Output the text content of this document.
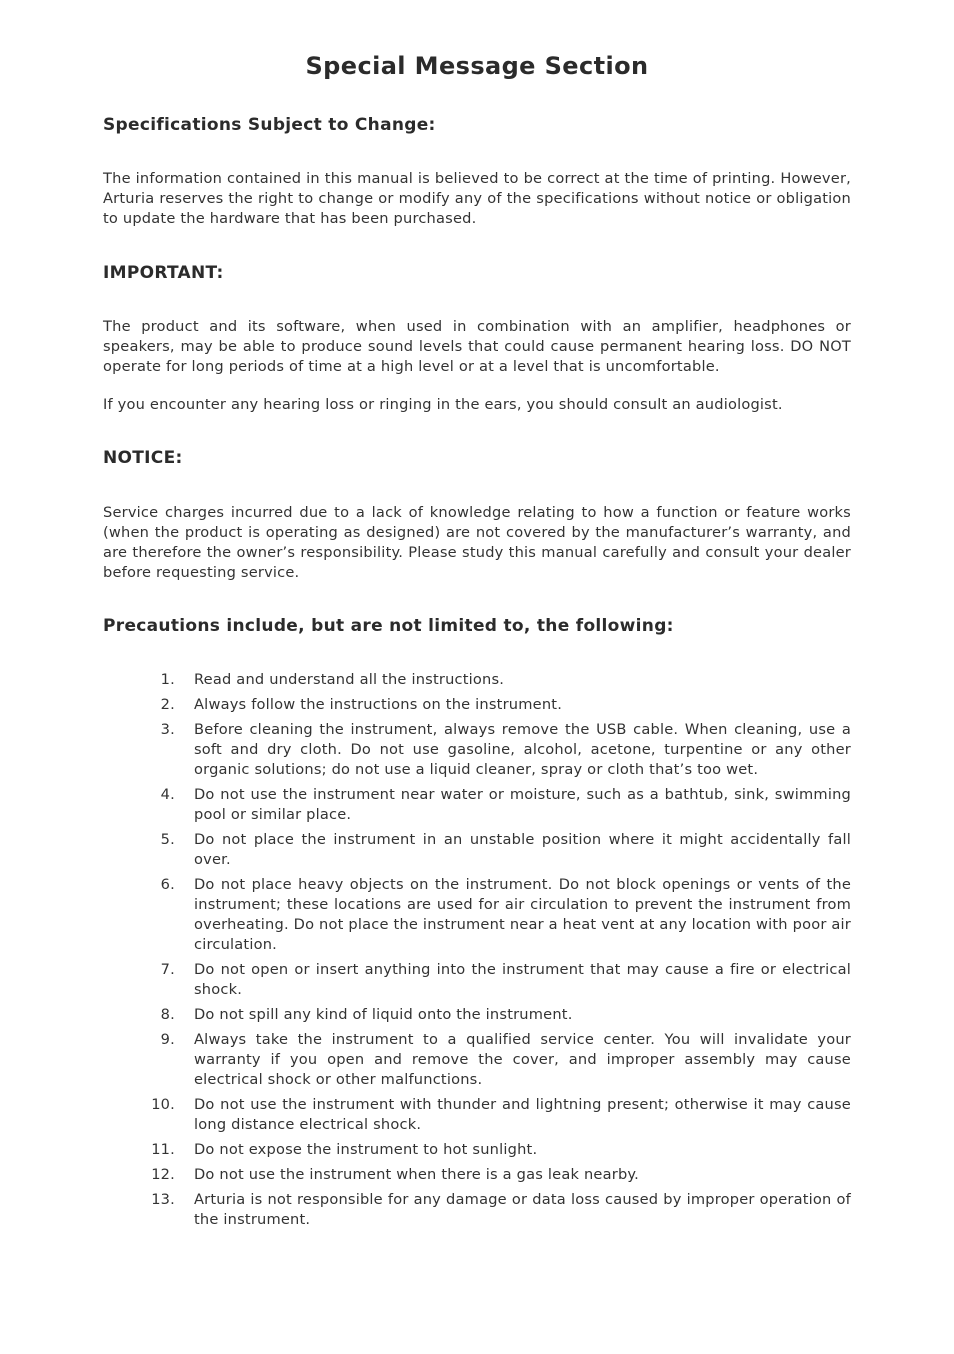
Special Message Section
Specifications Subject to Change:

The information contained in this manual is believed to be correct at the time of printing. However, Arturia reserves the right to change or modify any of the specifications without notice or obligation to update the hardware that has been purchased.

IMPORTANT:

The product and its software, when used in combination with an amplifier, headphones or speakers, may be able to produce sound levels that could cause permanent hearing loss. DO NOT operate for long periods of time at a high level or at a level that is uncomfortable.

If you encounter any hearing loss or ringing in the ears, you should consult an audiologist.

NOTICE:

Service charges incurred due to a lack of knowledge relating to how a function or feature works (when the product is operating as designed) are not covered by the manufacturer’s warranty, and are therefore the owner’s responsibility. Please study this manual carefully and consult your dealer before requesting service.

Precautions include, but are not limited to, the following:
1. Read and understand all the instructions.
2. Always follow the instructions on the instrument.
3. Before cleaning the instrument, always remove the USB cable. When cleaning, use a soft and dry cloth. Do not use gasoline, alcohol, acetone, turpentine or any other organic solutions; do not use a liquid cleaner, spray or cloth that’s too wet.
4. Do not use the instrument near water or moisture, such as a bathtub, sink, swimming pool or similar place.
5. Do not place the instrument in an unstable position where it might accidentally fall over.
6. Do not place heavy objects on the instrument. Do not block openings or vents of the instrument; these locations are used for air circulation to prevent the instrument from overheating. Do not place the instrument near a heat vent at any location with poor air circulation.
7. Do not open or insert anything into the instrument that may cause a fire or electrical shock.
8. Do not spill any kind of liquid onto the instrument.
9. Always take the instrument to a qualified service center. You will invalidate your warranty if you open and remove the cover, and improper assembly may cause electrical shock or other malfunctions.
10. Do not use the instrument with thunder and lightning present; otherwise it may cause long distance electrical shock.
11. Do not expose the instrument to hot sunlight.
12. Do not use the instrument when there is a gas leak nearby.
13. Arturia is not responsible for any damage or data loss caused by improper operation of the instrument.
